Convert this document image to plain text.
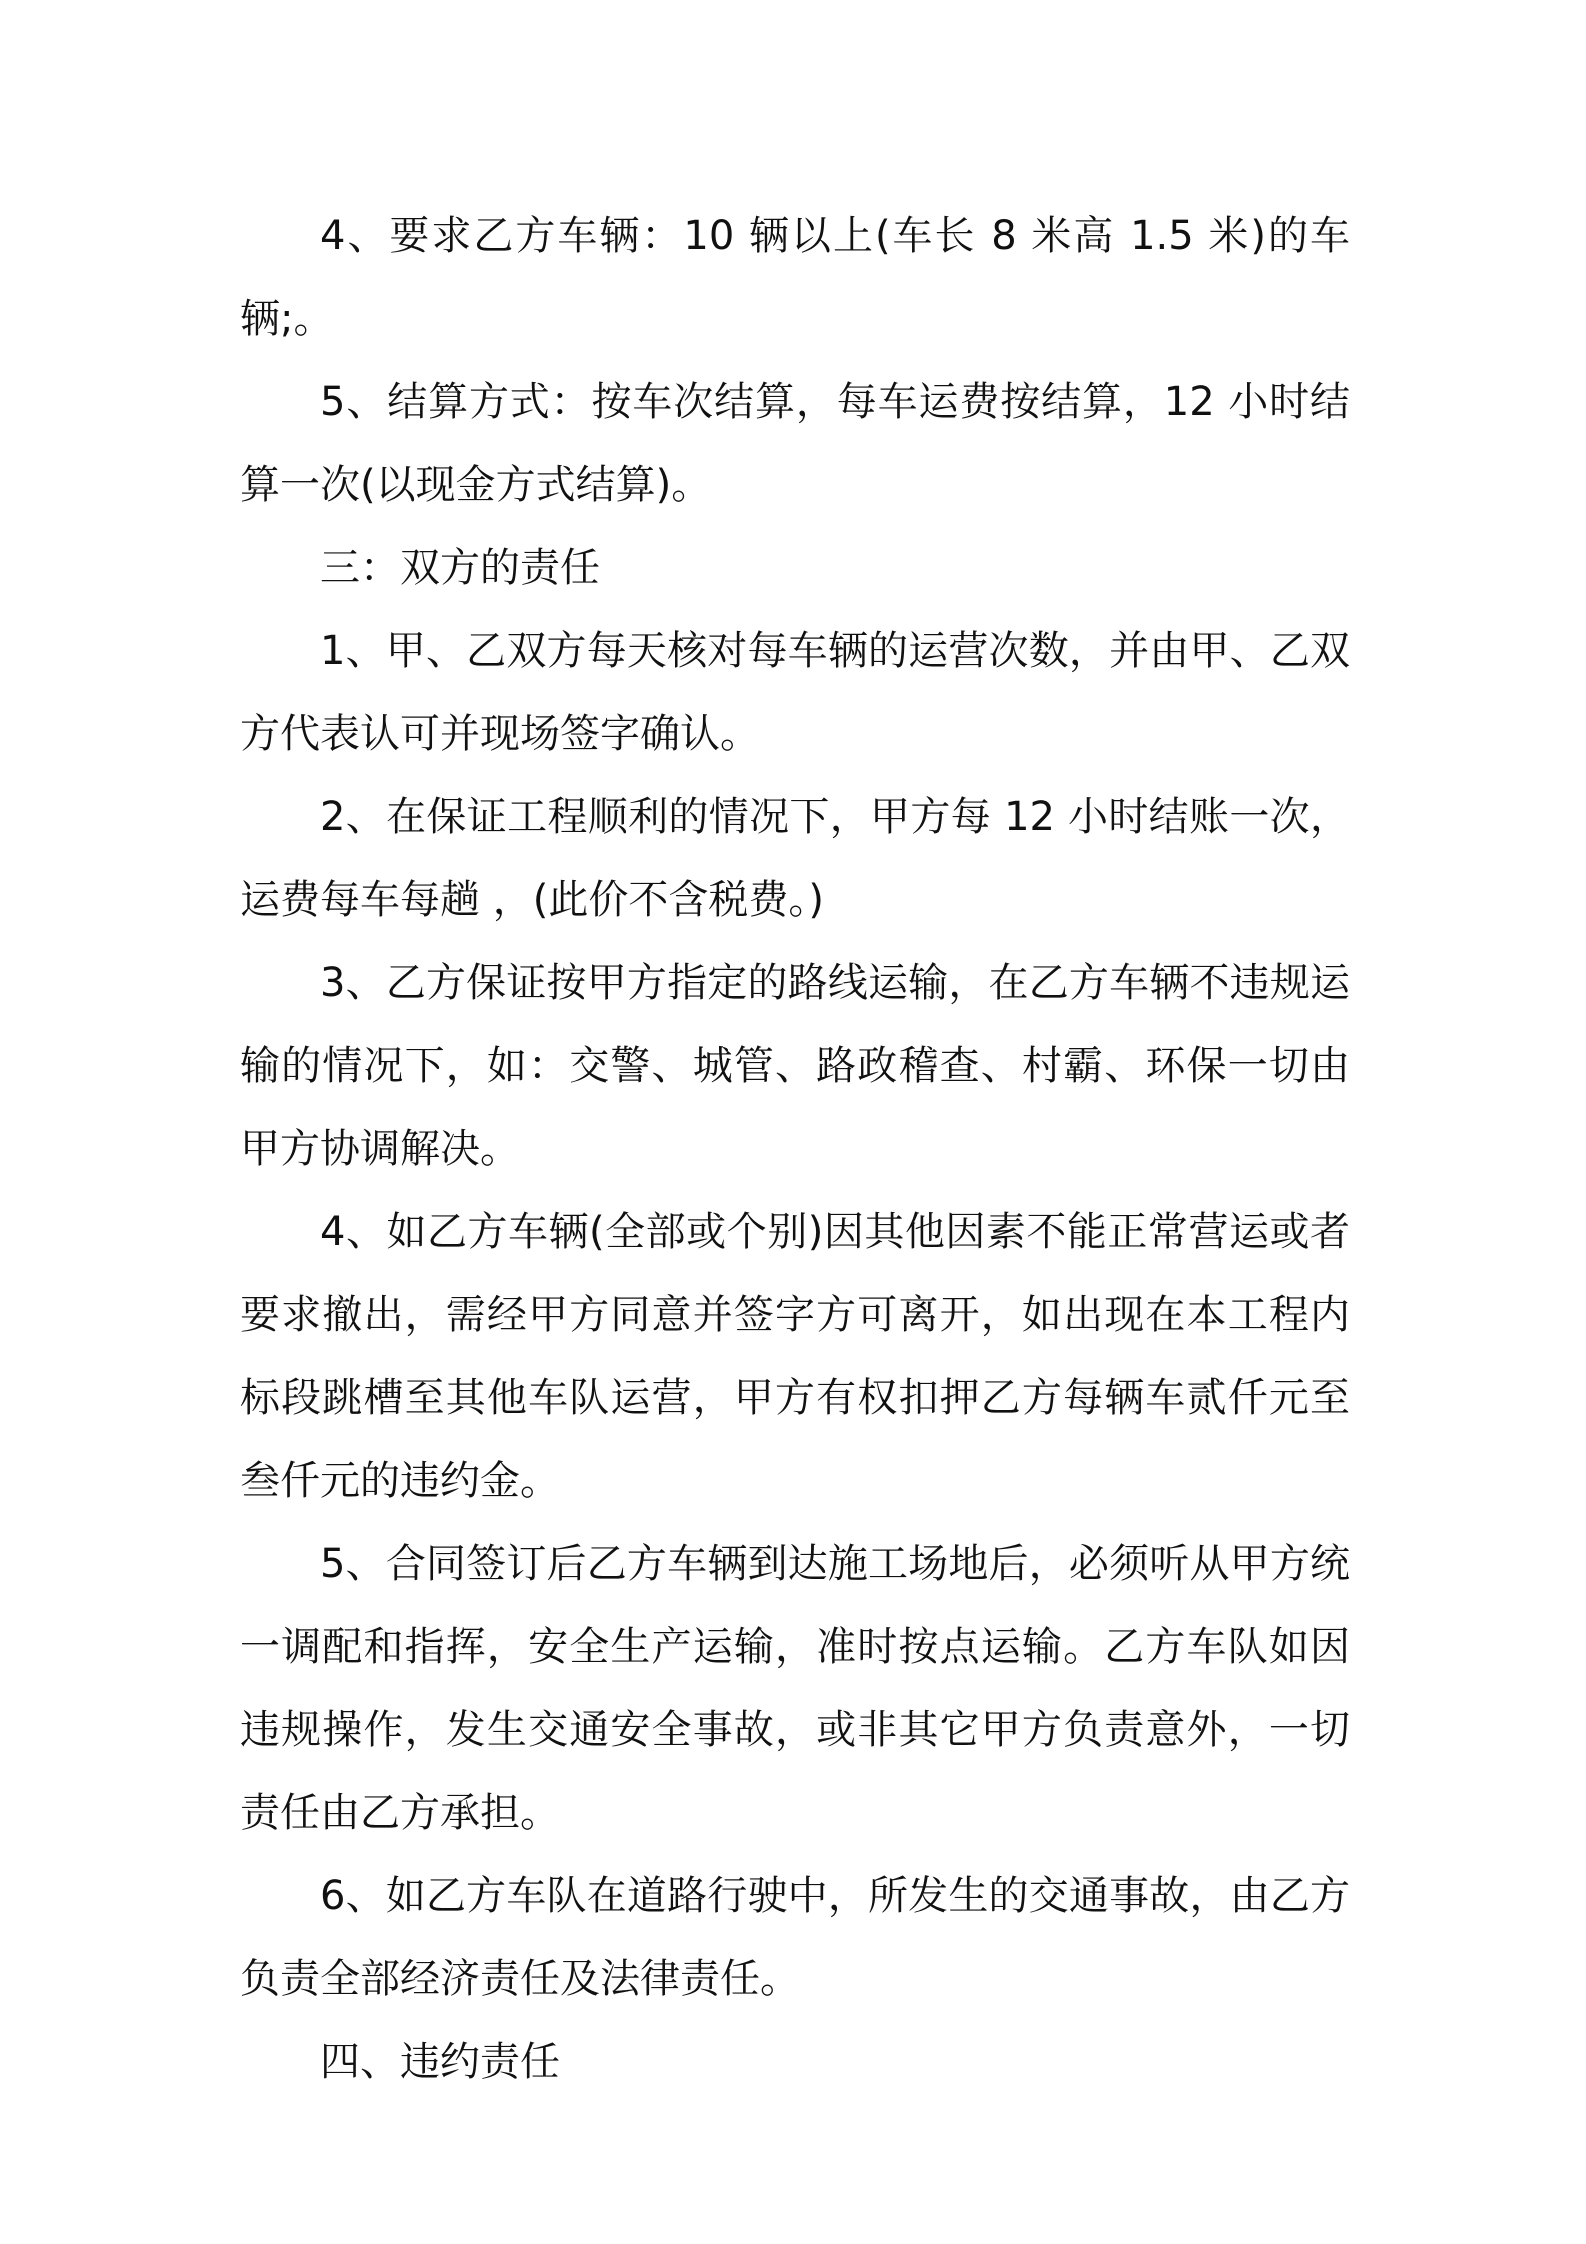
4、要求乙方车辆：10 辆以上(车长 8 米高 1.5 米)的车辆;。

5、结算方式：按车次结算，每车运费按结算，12 小时结算一次(以现金方式结算)。

三：双方的责任

1、甲、乙双方每天核对每车辆的运营次数，并由甲、乙双方代表认可并现场签字确认。

2、在保证工程顺利的情况下，甲方每 12 小时结账一次，运费每车每趟 ，(此价不含税费。)

3、乙方保证按甲方指定的路线运输，在乙方车辆不违规运输的情况下，如：交警、城管、路政稽查、村霸、环保一切由甲方协调解决。

4、如乙方车辆(全部或个别)因其他因素不能正常营运或者要求撤出，需经甲方同意并签字方可离开，如出现在本工程内标段跳槽至其他车队运营，甲方有权扣押乙方每辆车贰仟元至叁仟元的违约金。

5、合同签订后乙方车辆到达施工场地后，必须听从甲方统一调配和指挥，安全生产运输，准时按点运输。乙方车队如因违规操作，发生交通安全事故，或非其它甲方负责意外，一切责任由乙方承担。

6、如乙方车队在道路行驶中，所发生的交通事故，由乙方负责全部经济责任及法律责任。

四、违约责任
